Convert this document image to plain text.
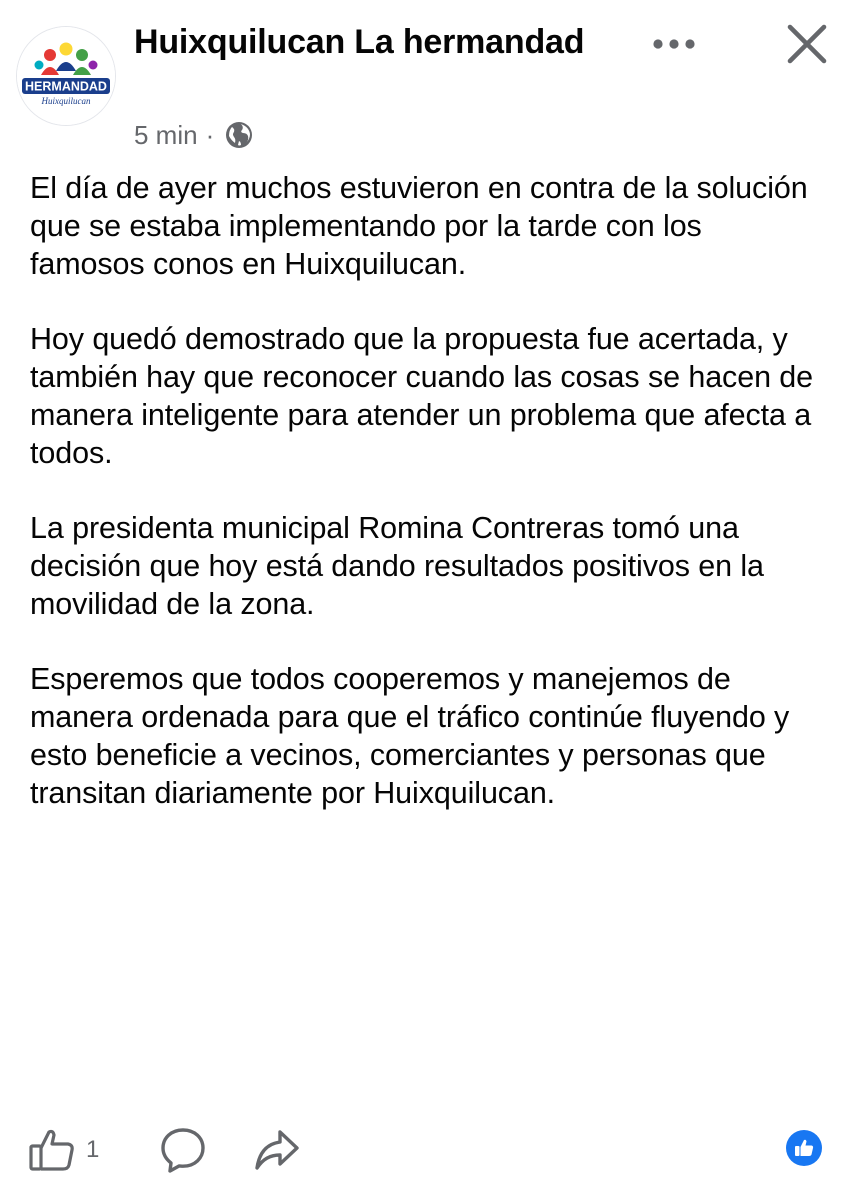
HERMANDAD
Huixquilucan
Huixquilucan La hermandad
5 min ·

El día de ayer muchos estuvieron en contra de la solución que se estaba implementando por la tarde con los famosos conos en Huixquilucan.

Hoy quedó demostrado que la propuesta fue acertada, y también hay que reconocer cuando las cosas se hacen de manera inteligente para atender un problema que afecta a todos.

La presidenta municipal Romina Contreras tomó una decisión que hoy está dando resultados positivos en la movilidad de la zona.

Esperemos que todos cooperemos y manejemos de manera ordenada para que el tráfico continúe fluyendo y esto beneficie a vecinos, comerciantes y personas que transitan diariamente por Huixquilucan.

1
